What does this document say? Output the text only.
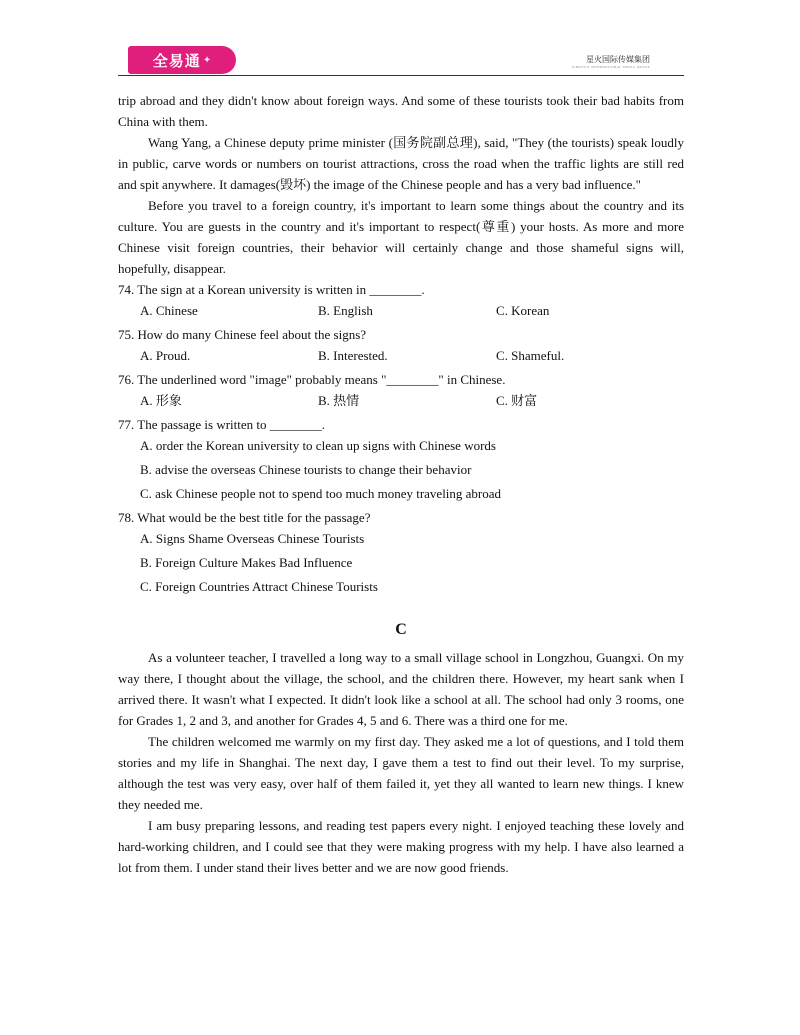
全易通 ✦	星火国际传媒集团
XINGHUO INTERNATIONAL MEDIA GROUP

trip abroad and they didn't know about foreign ways. And some of these tourists took their bad habits from China with them.

Wang Yang, a Chinese deputy prime minister (国务院副总理), said, "They (the tourists) speak loudly in public, carve words or numbers on tourist attractions, cross the road when the traffic lights are still red and spit anywhere. It damages(毁坏) the image of the Chinese people and has a very bad influence."

Before you travel to a foreign country, it's important to learn some things about the country and its culture. You are guests in the country and it's important to respect(尊重) your hosts. As more and more Chinese visit foreign countries, their behavior will certainly change and those shameful signs will, hopefully, disappear.

74. The sign at a Korean university is written in ________.
A. Chinese	B. English	C. Korean
75. How do many Chinese feel about the signs?
A. Proud.	B. Interested.	C. Shameful.
76. The underlined word "image" probably means "________" in Chinese.
A. 形象	B. 热情	C. 财富
77. The passage is written to ________.

A. order the Korean university to clean up signs with Chinese words

B. advise the overseas Chinese tourists to change their behavior

C. ask Chinese people not to spend too much money traveling abroad

78. What would be the best title for the passage?

A. Signs Shame Overseas Chinese Tourists

B. Foreign Culture Makes Bad Influence

C. Foreign Countries Attract Chinese Tourists

C

As a volunteer teacher, I travelled a long way to a small village school in Longzhou, Guangxi. On my way there, I thought about the village, the school, and the children there. However, my heart sank when I arrived there. It wasn't what I expected. It didn't look like a school at all. The school had only 3 rooms, one for Grades 1, 2 and 3, and another for Grades 4, 5 and 6. There was a third one for me.

The children welcomed me warmly on my first day. They asked me a lot of questions, and I told them stories and my life in Shanghai. The next day, I gave them a test to find out their level. To my surprise, although the test was very easy, over half of them failed it, yet they all wanted to learn new things. I knew they needed me.

I am busy preparing lessons, and reading test papers every night. I enjoyed teaching these lovely and hard-working children, and I could see that they were making progress with my help. I have also learned a lot from them. I under stand their lives better and we are now good friends.
